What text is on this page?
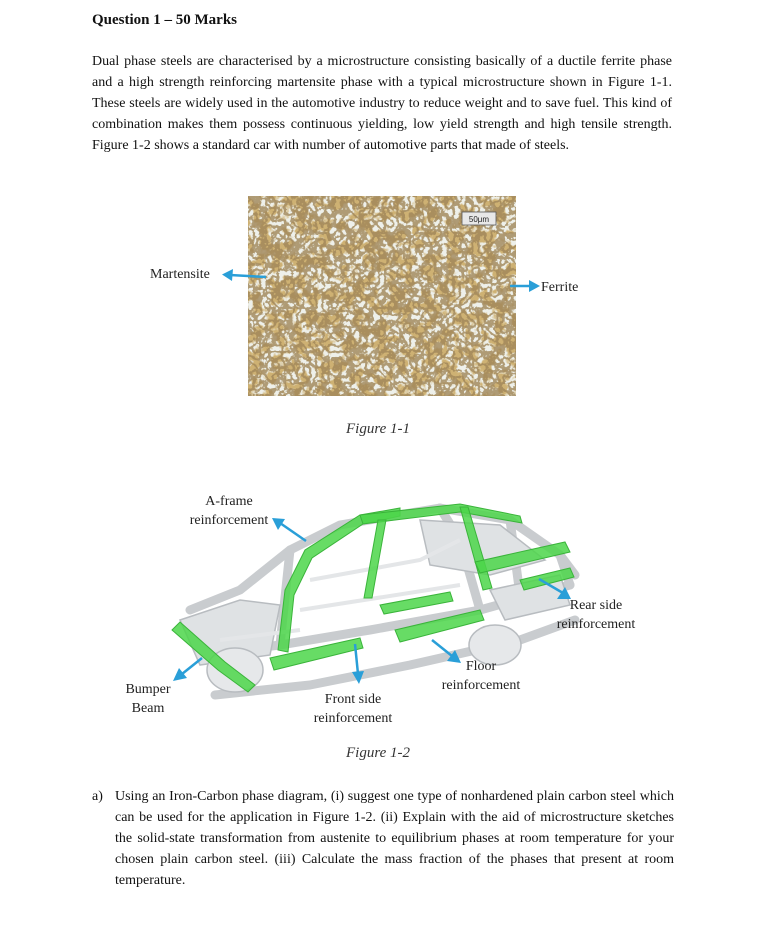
Question 1 – 50 Marks

Dual phase steels are characterised by a microstructure consisting basically of a ductile ferrite phase and a high strength reinforcing martensite phase with a typical microstructure shown in Figure 1-1. These steels are widely used in the automotive industry to reduce weight and to save fuel. This kind of combination makes them possess continuous yielding, low yield strength and high tensile strength. Figure 1-2 shows a standard car with number of automotive parts that made of steels.

50μm
Martensite
Ferrite
Figure 1-1
A-frame
reinforcement
Rear side
reinforcement
Floor
reinforcement
Bumper
Beam
Front side
reinforcement
Figure 1-2
a) Using an Iron-Carbon phase diagram, (i) suggest one type of nonhardened plain carbon steel which can be used for the application in Figure 1-2. (ii) Explain with the aid of microstructure sketches the solid-state transformation from austenite to equilibrium phases at room temperature for your chosen plain carbon steel. (iii) Calculate the mass fraction of the phases that present at room temperature.
